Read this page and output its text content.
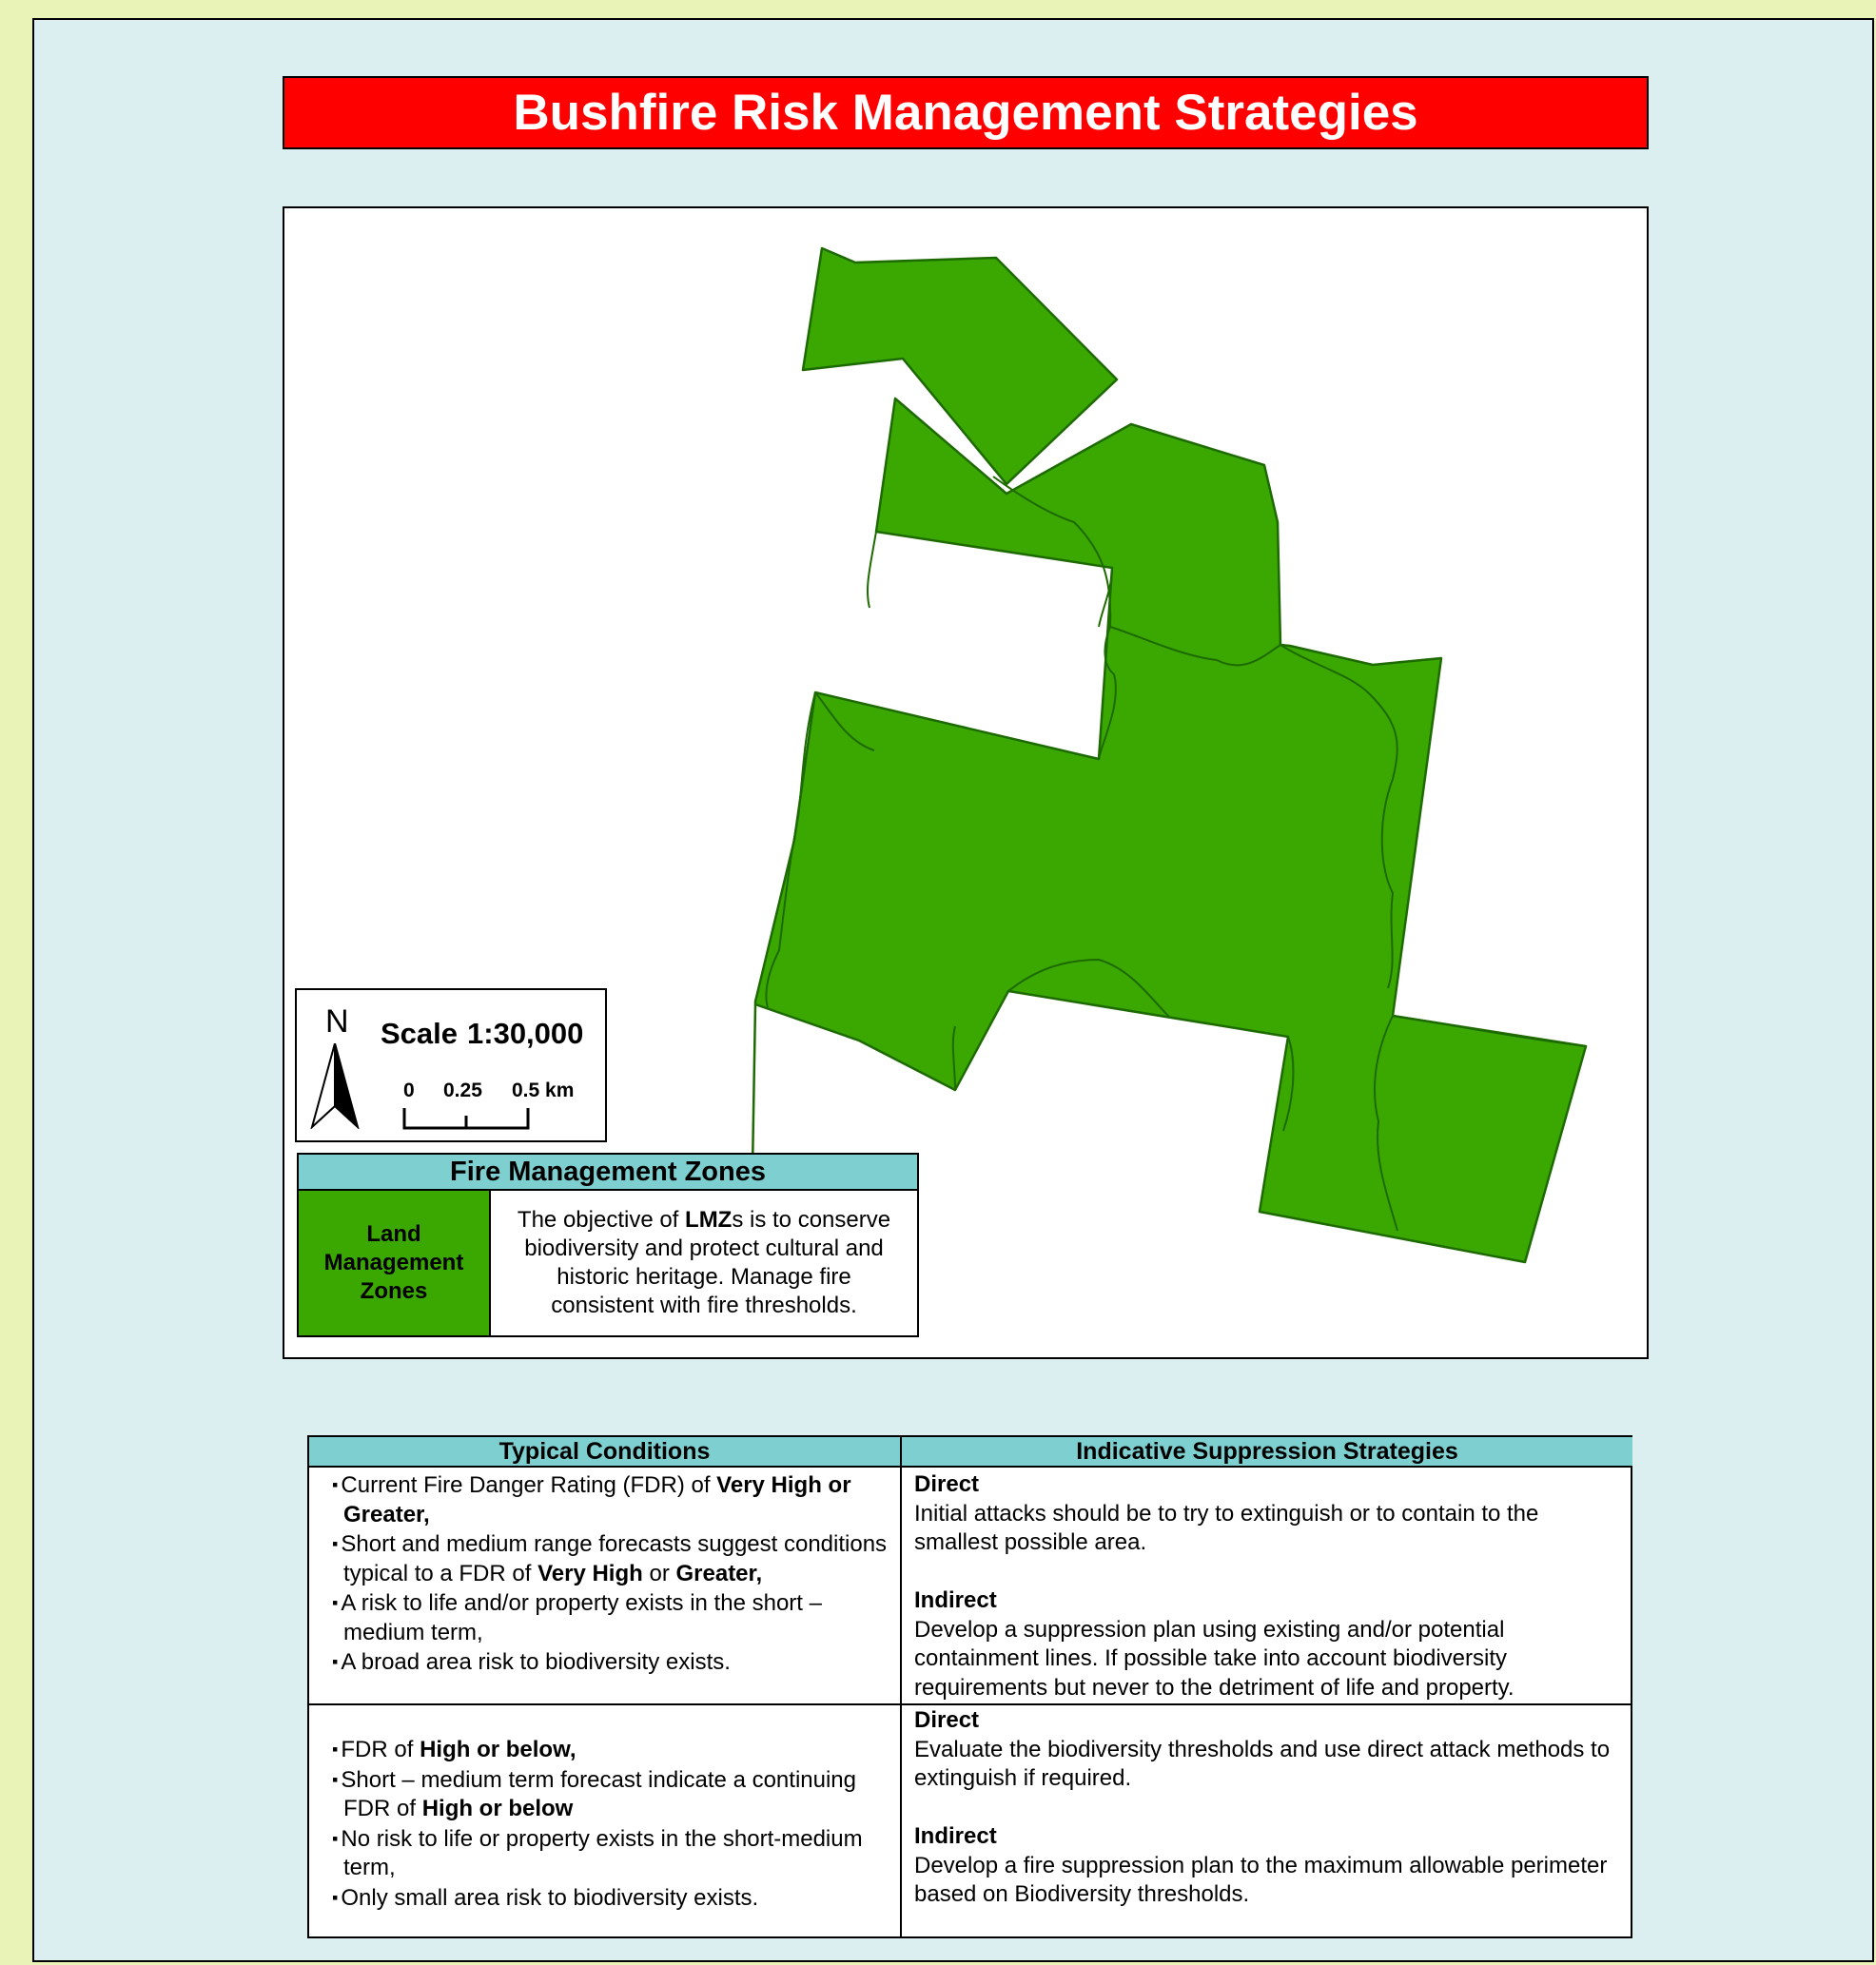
Bushfire Risk Management Strategies
N Scale 1:30,000
0 0.25 0.5 km
Fire Management Zones
Land Management Zones
The objective of LMZs is to conserve biodiversity and protect cultural and historic heritage. Manage fire consistent with fire thresholds.
Typical Conditions	Indicative Suppression Strategies
▪ Current Fire Danger Rating (FDR) of Very High or Greater,
▪ Short and medium range forecasts suggest conditions typical to a FDR of Very High or Greater,
▪ A risk to life and/or property exists in the short – medium term,
▪ A broad area risk to biodiversity exists.
Direct
Initial attacks should be to try to extinguish or to contain to the smallest possible area.
Indirect
Develop a suppression plan using existing and/or potential containment lines. If possible take into account biodiversity requirements but never to the detriment of life and property.
▪ FDR of High or below,
▪ Short – medium term forecast indicate a continuing FDR of High or below
▪ No risk to life or property exists in the short-medium term,
▪ Only small area risk to biodiversity exists.
Direct
Evaluate the biodiversity thresholds and use direct attack methods to extinguish if required.
Indirect
Develop a fire suppression plan to the maximum allowable perimeter based on Biodiversity thresholds.
